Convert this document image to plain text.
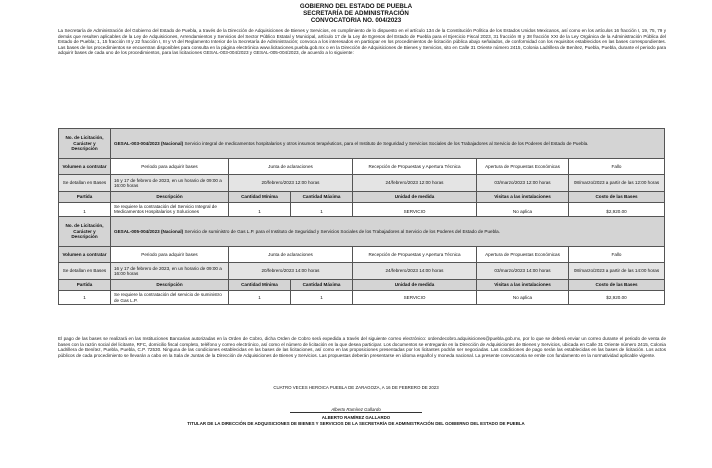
GOBIERNO DEL ESTADO DE PUEBLA
SECRETARÍA DE ADMINISTRACIÓN
CONVOCATORIA NO. 004/2023
La Secretaría de Administración del Gobierno del Estado de Puebla, a través de la Dirección de Adquisiciones de Bienes y Servicios, en cumplimiento de lo dispuesto en el artículo 134 de la Constitución Política de los Estados Unidos Mexicanos, así como en los artículos 16 fracción I, 19, 75, 79 y demás que resulten aplicables de la Ley de Adquisiciones, Arrendamientos y Servicios del Sector Público Estatal y Municipal, artículo 17 de la Ley de Egresos del Estado de Puebla para el Ejercicio Fiscal 2023, 31 fracción III y 38 fracción XXI de la Ley Orgánica de la Administración Pública del Estado de Puebla; 1, 15 fracción III y 22 fracción I, III y VI del Reglamento Interior de la Secretaría de Administración; convoca a los interesados en participar en los procedimientos de licitación pública abajo señalados, de conformidad con los requisitos establecidos en las bases correspondientes. Las bases de los procedimientos se encuentran disponibles para consulta en la página electrónica www.licitaciones.puebla.gob.mx o en la Dirección de Adquisiciones de Bienes y Servicios, sito en Calle 31 Oriente número 2415, Colonia Ladrillera de Benítez, Puebla, Puebla, durante el periodo para adquirir bases de cada uno de los procedimientos, para las licitaciones GESAL-003-004/2023 y GESAL-005-004/2023, de acuerdo a lo siguiente:
No. de Licitación, Carácter y Descripción	GESAL-003-004/2023 (Nacional) Servicio integral de medicamentos hospitalarios y otros insumos terapéuticos, para el Instituto de Seguridad y Servicios Sociales de los Trabajadores al Servicio de los Poderes del Estado de Puebla.					
Volumen a contratar	Periodo para adquirir bases	Junta de aclaraciones		Recepción de Propuestas y Apertura Técnica	Apertura de Propuestas Económicas	Fallo
Se detallan en Bases	16 y 17 de febrero de 2023, en un horario de 09:00 a 16:00 horas	20/febrero/2023 12:00 horas		24/febrero/2023 12:00 horas	03/marzo/2023 12:00 horas	08/marzo/2023 a partir de las 12:00 horas
Partida	Descripción	Cantidad Mínima	Cantidad Máxima	Unidad de medida	Visitas a las instalaciones	Costo de las Bases
1	Se requiere la contratación del Servicio Integral de Medicamentos Hospitalarios y Soluciones	1	1	SERVICIO	No aplica	$2,920.00
No. de Licitación, Carácter y Descripción	GESAL-005-004/2023 (Nacional) Servicio de suministro de Gas L.P. para el Instituto de Seguridad y Servicios Sociales de los Trabajadores al Servicio de los Poderes del Estado de Puebla.					
Volumen a contratar	Periodo para adquirir bases	Junta de aclaraciones		Recepción de Propuestas y Apertura Técnica	Apertura de Propuestas Económicas	Fallo
Se detallan en Bases	16 y 17 de febrero de 2023, en un horario de 09:00 a 16:00 horas	20/febrero/2023 14:00 horas		24/febrero/2023 14:00 horas	03/marzo/2023 14:00 horas	08/marzo/2023 a partir de las 14:00 horas
Partida	Descripción	Cantidad Mínima	Cantidad Máxima	Unidad de medida	Visitas a las instalaciones	Costo de las Bases
1	Se requiere la contratación del servicio de suministro de Gas L.P.	1	1	SERVICIO	No aplica	$2,920.00
El pago de las bases se realizará en las Instituciones Bancarias autorizadas en la Orden de Cobro, dicha Orden de Cobro será expedida a través del siguiente correo electrónico: ordendecobro.adquisiciones@puebla.gob.mx, por lo que se deberá enviar un correo durante el periodo de venta de bases con la razón social del licitante, RFC, domicilio fiscal completo, teléfono y correo electrónico, así como el número de licitación en la que desea participar. Los documentos se entregarán en la Dirección de Adquisiciones de Bienes y Servicios, ubicada en Calle 31 Oriente número 2415, Colonia Ladrillera de Benítez, Puebla, Puebla, C.P. 72530. Ninguna de las condiciones establecidas en las bases de las licitaciones, así como en las proposiciones presentadas por los licitantes podrán ser negociadas. Las condiciones de pago serán las establecidas en las bases de licitación. Los actos públicos de cada procedimiento se llevarán a cabo en la Sala de Juntas de la Dirección de Adquisiciones de Bienes y Servicios. Las propuestas deberán presentarse en idioma español y moneda nacional. La presente convocatoria se emite con fundamento en la normatividad aplicable vigente.
CUATRO VECES HEROICA PUEBLA DE ZARAGOZA, A 16 DE FEBRERO DE 2023
Alberto Ramírez Gallardo
ALBERTO RAMÍREZ GALLARDO
TITULAR DE LA DIRECCIÓN DE ADQUISICIONES DE BIENES Y SERVICIOS DE LA SECRETARÍA DE ADMINISTRACIÓN DEL GOBIERNO DEL ESTADO DE PUEBLA
